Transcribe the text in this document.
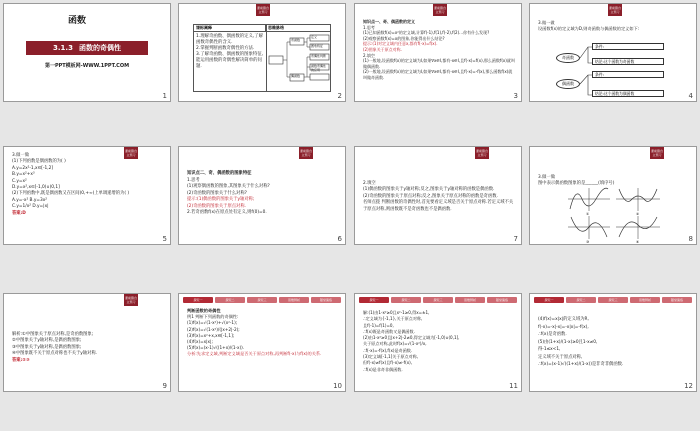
函数
3.1.3 函数的奇偶性
第一PPT模板网-WWW.1PPT.COM
1
课前篇自主预习
课标阐释	思维脉络
1.理解奇函数、偶函数的定义,了解函数奇偶性的含义.
2.掌握判断函数奇偶性的方法.
3.了解奇函数、偶函数的图象特征,能运用函数的奇偶性解决简单的问题.
奇函数
偶函数
定义
图象特征
奇偶性判断
函数奇偶性的应用
2
课前篇自主预习
知识点一、奇、偶函数的定义
1.思考
(1)已知函数f(x)=x²的定义域,计算f(-1),f(1),f(-2),f(2)…你有什么发现?
(2)观察函数f(x)=x的图象,你能得出什么结论?
提示:(1)对定义域内任意x,都有f(-x)=f(x).
(2)图象关于原点对称.
2.填空
(1)一般地,设函数f(x)的定义域为I,如果∀x∈I,都有-x∈I,且f(-x)=f(x),那么函数f(x)就叫做偶函数.
(2)一般地,设函数f(x)的定义域为I,如果∀x∈I,都有-x∈I,且f(-x)=-f(x),那么函数f(x)就叫做奇函数.
3
课前篇自主预习
3.做一做
设函数f(x)的定义域为D,则奇函数与偶函数的定义如下:
奇函数
偶函数
条件:
结论:这个函数为奇函数
条件:
结论:这个函数为偶函数	4
课前篇自主预习
3.做一做
(1)下列函数是偶函数的为( )
A.y=2x²-1,x∈[-1,2]
B.y=x²+x³
C.y=x²
D.y=x²,x∈[-1,0)∪(0,1]
(2)下列函数中,既是偶函数又在区间(0,+∞)上单调递增的为( )
A.y=-x² B.y=3x²
C.y=1/x² D.y=|x|
答案:D
5
课前篇自主预习
知识点二、奇、偶函数的图象特征
1.思考
(1)观察偶函数的图象,其图象关于什么对称?
(2)奇函数的图象关于什么对称?
提示:(1)偶函数的图象关于y轴对称;
(2)奇函数的图象关于原点对称.
2.若奇函数f(x)在原点处有定义,则f(0)=0.
6
课前篇自主预习
2.填空
(1)偶函数的图象关于y轴对称;反之,图象关于y轴对称的函数是偶函数.
(2)奇函数的图象关于原点对称;反之,图象关于原点对称的函数是奇函数.
名师点拨 判断函数的奇偶性时,首先要看定义域是否关于原点对称.若定义域不关于原点对称,则函数既不是奇函数也不是偶函数.
7
课前篇自主预习
3.做一做
图中表示偶函数图象的是______(填序号)
①	②
③	④	8
课前篇自主预习
解析:①中图象关于原点对称,是奇函数图象;
②中图象关于y轴对称,是偶函数图象;
③中图象关于y轴对称,是偶函数图象;
④中图象既不关于原点对称也不关于y轴对称.
答案:②③
9
探究一	探究二	探究三	思维辨析	随堂演练
判断函数的奇偶性
例1 判断下列函数的奇偶性:
(1)f(x)=√(1-x²)+√(x²-1);
(2)f(x)=√(1-x²)/(|x+2|-2);
(3)f(x)=x²+x,x∈[-1,1];
(4)f(x)=x|x|;
(5)f(x)=(x-1)√((1+x)/(1-x)).
分析:先求定义域,判断定义域是否关于原点对称,再判断f(-x)与f(x)的关系.
10
探究一	探究二	探究三	思维辨析	随堂演练
解:(1)由1-x²≥0且x²-1≥0,得x=±1,
∴定义域为{-1,1},关于原点对称,
且f(-1)=f(1)=0,
∴f(x)既是奇函数又是偶函数.
(2)由1-x²≥0且|x+2|-2≠0,得定义域为[-1,0)∪(0,1],
关于原点对称,此时f(x)=√(1-x²)/x,
∴f(-x)=-f(x),f(x)是奇函数.
(3)定义域[-1,1]关于原点对称,
但f(-x)≠f(x)且f(-x)≠-f(x),
∴f(x)是非奇非偶函数.
11
探究一	探究二	探究三	思维辨析	随堂演练
(4)f(x)=x|x|的定义域为R,
f(-x)=-x|-x|=-x|x|=-f(x),
∴f(x)是奇函数.
(5)由(1+x)/(1-x)≥0且1-x≠0,
得-1≤x<1,
定义域不关于原点对称,
∴f(x)=(x-1)√((1+x)/(1-x))是非奇非偶函数.
12
